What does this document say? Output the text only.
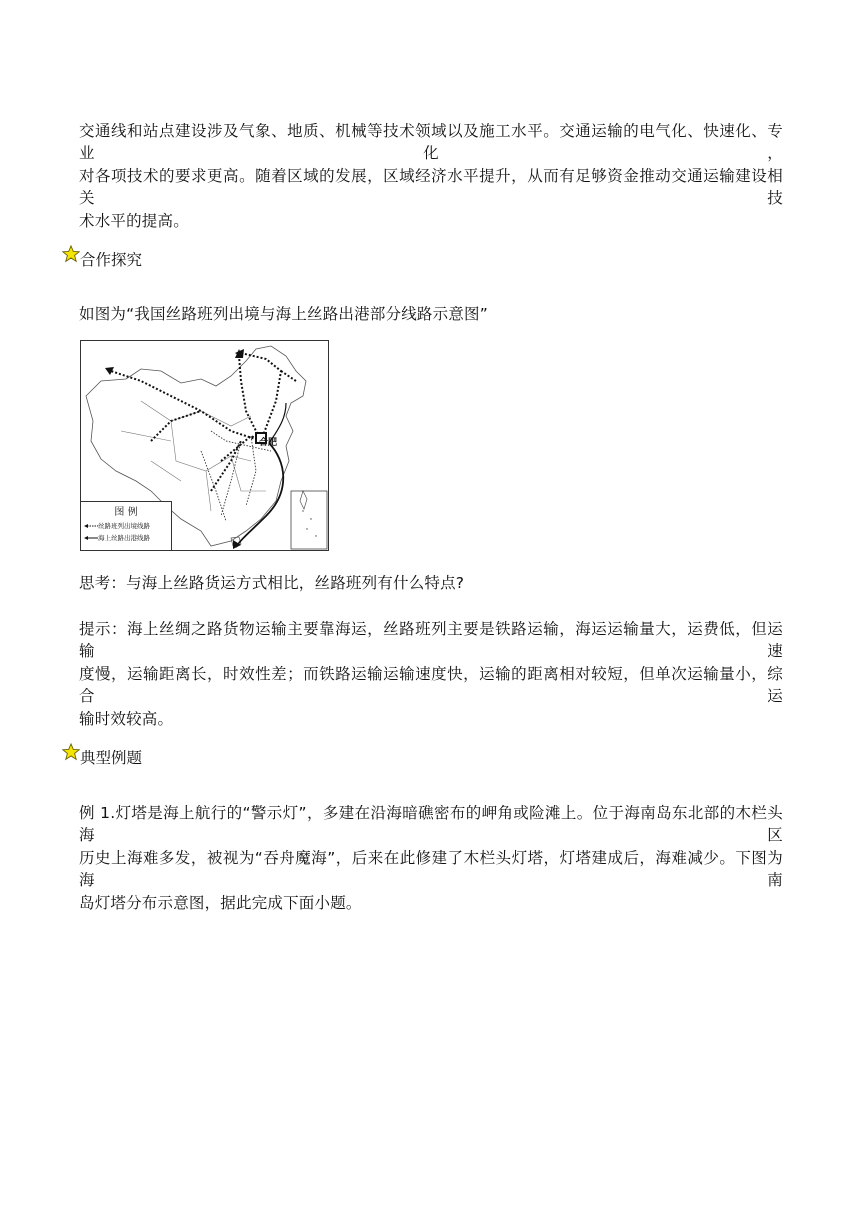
交通线和站点建设涉及气象、地质、机械等技术领域以及施工水平。交通运输的电气化、快速化、专业化，
对各项技术的要求更高。随着区域的发展，区域经济水平提升，从而有足够资金推动交通运输建设相关技
术水平的提高。
合作探究
如图为“我国丝路班列出境与海上丝路出港部分线路示意图”
合肥
图 例
丝路班列出境线路
海上丝路出港线路
思考：与海上丝路货运方式相比，丝路班列有什么特点?
提示：海上丝绸之路货物运输主要靠海运，丝路班列主要是铁路运输，海运运输量大，运费低，但运输速
度慢，运输距离长，时效性差；而铁路运输运输速度快，运输的距离相对较短，但单次运输量小，综合运
输时效较高。
典型例题
例 1.灯塔是海上航行的“警示灯”，多建在沿海暗礁密布的岬角或险滩上。位于海南岛东北部的木栏头海区
历史上海难多发，被视为“吞舟魔海”，后来在此修建了木栏头灯塔，灯塔建成后，海难减少。下图为海南
岛灯塔分布示意图，据此完成下面小题。
